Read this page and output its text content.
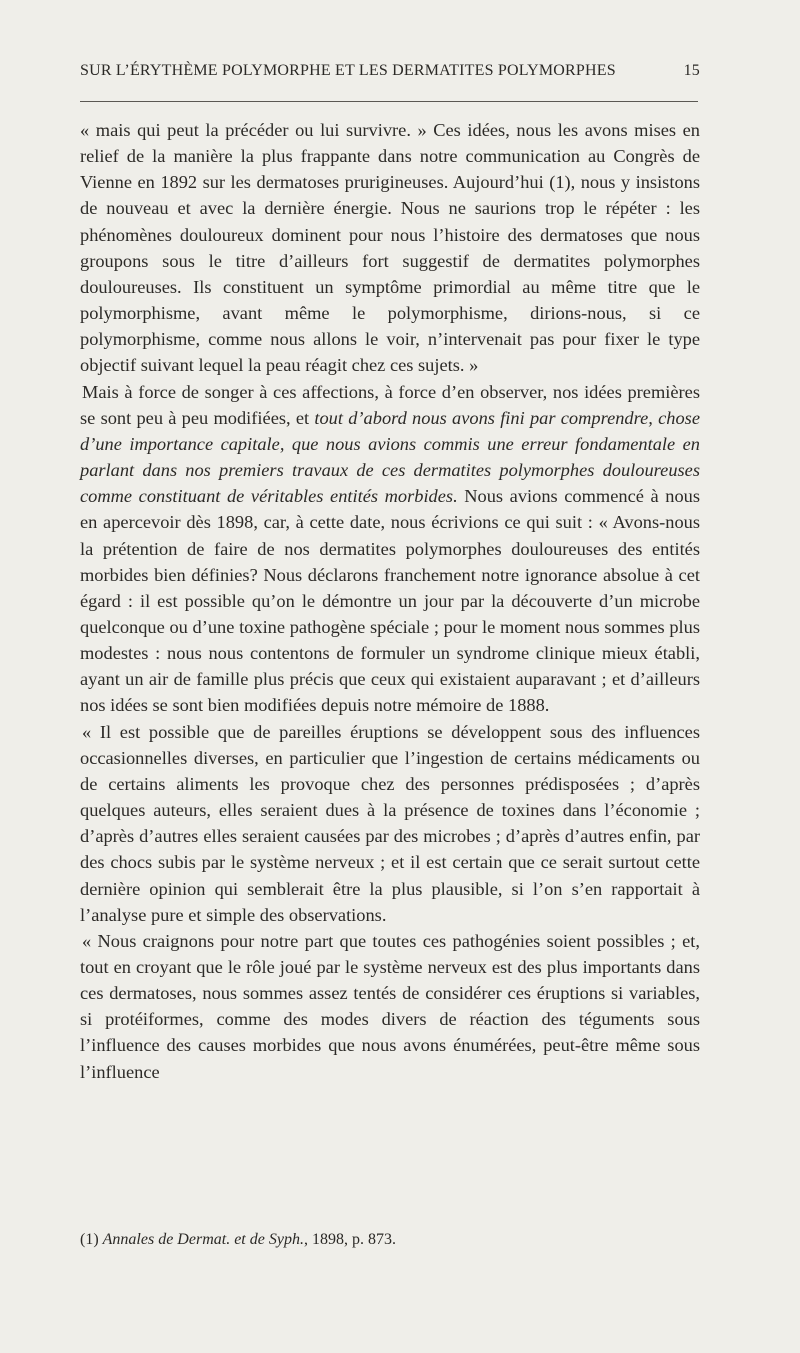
SUR L’ÉRYTHÈME POLYMORPHE ET LES DERMATITES POLYMORPHES	15

« mais qui peut la précéder ou lui survivre. » Ces idées, nous les avons mises en relief de la manière la plus frappante dans notre communication au Congrès de Vienne en 1892 sur les dermatoses prurigineuses. Aujourd’hui (1), nous y insistons de nouveau et avec la dernière énergie. Nous ne saurions trop le répéter : les phénomènes douloureux dominent pour nous l’histoire des dermatoses que nous groupons sous le titre d’ailleurs fort suggestif de dermatites polymorphes douloureuses. Ils constituent un symptôme primordial au même titre que le polymorphisme, avant même le polymorphisme, dirions-nous, si ce polymorphisme, comme nous allons le voir, n’intervenait pas pour fixer le type objectif suivant lequel la peau réagit chez ces sujets. »

Mais à force de songer à ces affections, à force d’en observer, nos idées premières se sont peu à peu modifiées, et tout d’abord nous avons fini par comprendre, chose d’une importance capitale, que nous avions commis une erreur fondamentale en parlant dans nos premiers travaux de ces dermatites polymorphes douloureuses comme constituant de véritables entités morbides. Nous avions commencé à nous en apercevoir dès 1898, car, à cette date, nous écrivions ce qui suit : « Avons-nous la prétention de faire de nos dermatites polymorphes douloureuses des entités morbides bien définies? Nous déclarons franchement notre ignorance absolue à cet égard : il est possible qu’on le démontre un jour par la découverte d’un microbe quelconque ou d’une toxine pathogène spéciale ; pour le moment nous sommes plus modestes : nous nous contentons de formuler un syndrome clinique mieux établi, ayant un air de famille plus précis que ceux qui existaient auparavant ; et d’ailleurs nos idées se sont bien modifiées depuis notre mémoire de 1888.

« Il est possible que de pareilles éruptions se développent sous des influences occasionnelles diverses, en particulier que l’ingestion de certains médicaments ou de certains aliments les provoque chez des personnes prédisposées ; d’après quelques auteurs, elles seraient dues à la présence de toxines dans l’économie ; d’après d’autres elles seraient causées par des microbes ; d’après d’autres enfin, par des chocs subis par le système nerveux ; et il est certain que ce serait surtout cette dernière opinion qui semblerait être la plus plausible, si l’on s’en rapportait à l’analyse pure et simple des observations.

« Nous craignons pour notre part que toutes ces pathogénies soient possibles ; et, tout en croyant que le rôle joué par le système nerveux est des plus importants dans ces dermatoses, nous sommes assez tentés de considérer ces éruptions si variables, si protéiformes, comme des modes divers de réaction des téguments sous l’influence des causes morbides que nous avons énumérées, peut-être même sous l’influence

(1) Annales de Dermat. et de Syph., 1898, p. 873.
